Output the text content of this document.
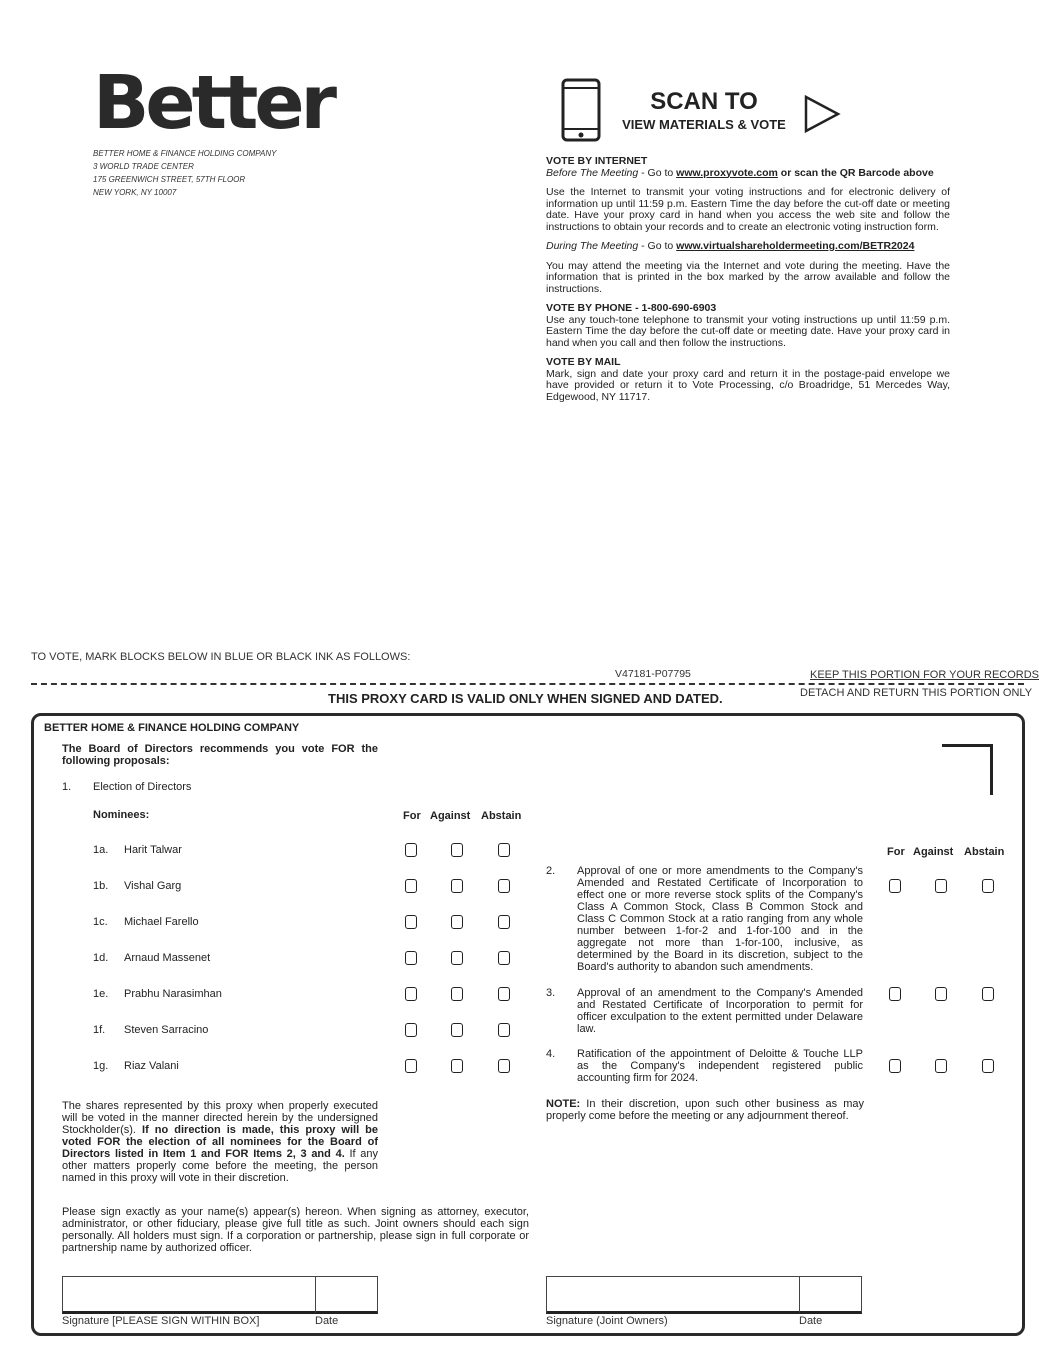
Better
BETTER HOME & FINANCE HOLDING COMPANY
3 WORLD TRADE CENTER
175 GREENWICH STREET, 57TH FLOOR
NEW YORK, NY 10007
SCAN TO
VIEW MATERIALS & VOTE
VOTE BY INTERNET

Before The Meeting - Go to www.proxyvote.com or scan the QR Barcode above

Use the Internet to transmit your voting instructions and for electronic delivery of information up until 11:59 p.m. Eastern Time the day before the cut-off date or meeting date. Have your proxy card in hand when you access the web site and follow the instructions to obtain your records and to create an electronic voting instruction form.

During The Meeting - Go to www.virtualshareholdermeeting.com/BETR2024

You may attend the meeting via the Internet and vote during the meeting. Have the information that is printed in the box marked by the arrow available and follow the instructions.

VOTE BY PHONE - 1-800-690-6903

Use any touch-tone telephone to transmit your voting instructions up until 11:59 p.m. Eastern Time the day before the cut-off date or meeting date. Have your proxy card in hand when you call and then follow the instructions.

VOTE BY MAIL

Mark, sign and date your proxy card and return it in the postage-paid envelope we have provided or return it to Vote Processing, c/o Broadridge, 51 Mercedes Way, Edgewood, NY 11717.

TO VOTE, MARK BLOCKS BELOW IN BLUE OR BLACK INK AS FOLLOWS:
V47181-P07795	KEEP THIS PORTION FOR YOUR RECORDS
DETACH AND RETURN THIS PORTION ONLY
THIS PROXY CARD IS VALID ONLY WHEN SIGNED AND DATED.
BETTER HOME & FINANCE HOLDING COMPANY
The Board of Directors recommends you vote FOR the following proposals:
1. Election of Directors
Nominees:	For Against Abstain
1a. Harit Talwar
1b. Vishal Garg
1c. Michael Farello
1d. Arnaud Massenet
1e. Prabhu Narasimhan
1f. Steven Sarracino
1g. Riaz Valani
For Against Abstain
2. Approval of one or more amendments to the Company's Amended and Restated Certificate of Incorporation to effect one or more reverse stock splits of the Company's Class A Common Stock, Class B Common Stock and Class C Common Stock at a ratio ranging from any whole number between 1-for-2 and 1-for-100 and in the aggregate not more than 1-for-100, inclusive, as determined by the Board in its discretion, subject to the Board's authority to abandon such amendments.
3. Approval of an amendment to the Company's Amended and Restated Certificate of Incorporation to permit for officer exculpation to the extent permitted under Delaware law.
4. Ratification of the appointment of Deloitte & Touche LLP as the Company's independent registered public accounting firm for 2024.
The shares represented by this proxy when properly executed will be voted in the manner directed herein by the undersigned Stockholder(s). If no direction is made, this proxy will be voted FOR the election of all nominees for the Board of Directors listed in Item 1 and FOR Items 2, 3 and 4. If any other matters properly come before the meeting, the person named in this proxy will vote in their discretion.
NOTE: In their discretion, upon such other business as may properly come before the meeting or any adjournment thereof.
Please sign exactly as your name(s) appear(s) hereon. When signing as attorney, executor, administrator, or other fiduciary, please give full title as such. Joint owners should each sign personally. All holders must sign. If a corporation or partnership, please sign in full corporate or partnership name by authorized officer.
Signature [PLEASE SIGN WITHIN BOX]	Date	Signature (Joint Owners)	Date
